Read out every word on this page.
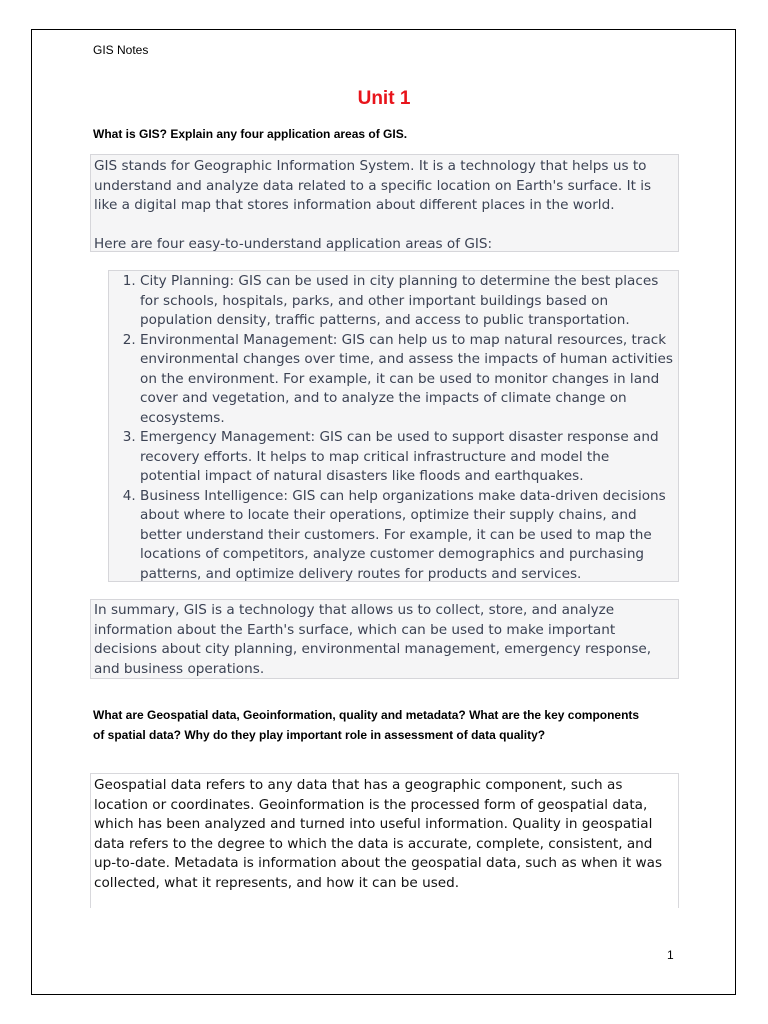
GIS Notes
Unit 1
What is GIS? Explain any four application areas of GIS.

GIS stands for Geographic Information System. It is a technology that helps us to understand and analyze data related to a specific location on Earth's surface. It is like a digital map that stores information about different places in the world.

Here are four easy-to-understand application areas of GIS:

1. City Planning: GIS can be used in city planning to determine the best places for schools, hospitals, parks, and other important buildings based on population density, traffic patterns, and access to public transportation.
2. Environmental Management: GIS can help us to map natural resources, track environmental changes over time, and assess the impacts of human activities on the environment. For example, it can be used to monitor changes in land cover and vegetation, and to analyze the impacts of climate change on ecosystems.
3. Emergency Management: GIS can be used to support disaster response and recovery efforts. It helps to map critical infrastructure and model the potential impact of natural disasters like floods and earthquakes.
4. Business Intelligence: GIS can help organizations make data-driven decisions about where to locate their operations, optimize their supply chains, and better understand their customers. For example, it can be used to map the locations of competitors, analyze customer demographics and purchasing patterns, and optimize delivery routes for products and services.

In summary, GIS is a technology that allows us to collect, store, and analyze information about the Earth's surface, which can be used to make important decisions about city planning, environmental management, emergency response, and business operations.

What are Geospatial data, Geoinformation, quality and metadata? What are the key components of spatial data? Why do they play important role in assessment of data quality?

Geospatial data refers to any data that has a geographic component, such as location or coordinates. Geoinformation is the processed form of geospatial data, which has been analyzed and turned into useful information. Quality in geospatial data refers to the degree to which the data is accurate, complete, consistent, and up-to-date. Metadata is information about the geospatial data, such as when it was collected, what it represents, and how it can be used.

1
